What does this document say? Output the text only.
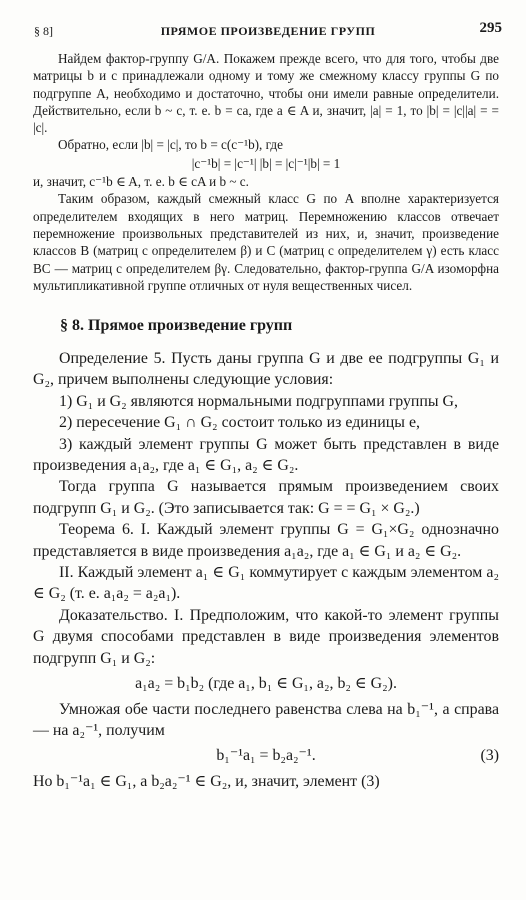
§ 8]	ПРЯМОЕ ПРОИЗВЕДЕНИЕ ГРУПП	295

Найдем фактор-группу G/A. Покажем прежде всего, что для того, чтобы две матрицы b и c принадлежали одному и тому же смежному классу группы G по подгруппе A, необходимо и достаточно, чтобы они имели равные определители. Действительно, если b ~ c, т. е. b = ca, где a ∈ A и, значит, |a| = 1, то |b| = |c||a| = = |c|.

Обратно, если |b| = |c|, то b = c(c⁻¹b), где

|c⁻¹b| = |c⁻¹| |b| = |c|⁻¹|b| = 1

и, значит, c⁻¹b ∈ A, т. е. b ∈ cA и b ~ c.

Таким образом, каждый смежный класс G по A вполне характеризуется определителем входящих в него матриц. Перемножению классов отвечает перемножение произвольных представителей из них, и, значит, произведение классов B (матриц с определителем β) и C (матриц с определителем γ) есть класс BC — матриц с определителем βγ. Следовательно, фактор-группа G/A изоморфна мультипликативной группе отличных от нуля вещественных чисел.

§ 8. Прямое произведение групп

Определение 5. Пусть даны группа G и две ее подгруппы G₁ и G₂, причем выполнены следующие условия:

1) G₁ и G₂ являются нормальными подгруппами группы G,

2) пересечение G₁ ∩ G₂ состоит только из единицы e,

3) каждый элемент группы G может быть представлен в виде произведения a₁a₂, где a₁ ∈ G₁, a₂ ∈ G₂.

Тогда группа G называется прямым произведением своих подгрупп G₁ и G₂. (Это записывается так: G = = G₁ × G₂.)

Теорема 6. I. Каждый элемент группы G = G₁×G₂ однозначно представляется в виде произведения a₁a₂, где a₁ ∈ G₁ и a₂ ∈ G₂.

II. Каждый элемент a₁ ∈ G₁ коммутирует с каждым элементом a₂ ∈ G₂ (т. е. a₁a₂ = a₂a₁).

Доказательство. I. Предположим, что какой-то элемент группы G двумя способами представлен в виде произведения элементов подгрупп G₁ и G₂:

a₁a₂ = b₁b₂ (где a₁, b₁ ∈ G₁, a₂, b₂ ∈ G₂).

Умножая обе части последнего равенства слева на b₁⁻¹, а справа — на a₂⁻¹, получим

b₁⁻¹a₁ = b₂a₂⁻¹.	(3)

Но b₁⁻¹a₁ ∈ G₁, а b₂a₂⁻¹ ∈ G₂, и, значит, элемент (3)
